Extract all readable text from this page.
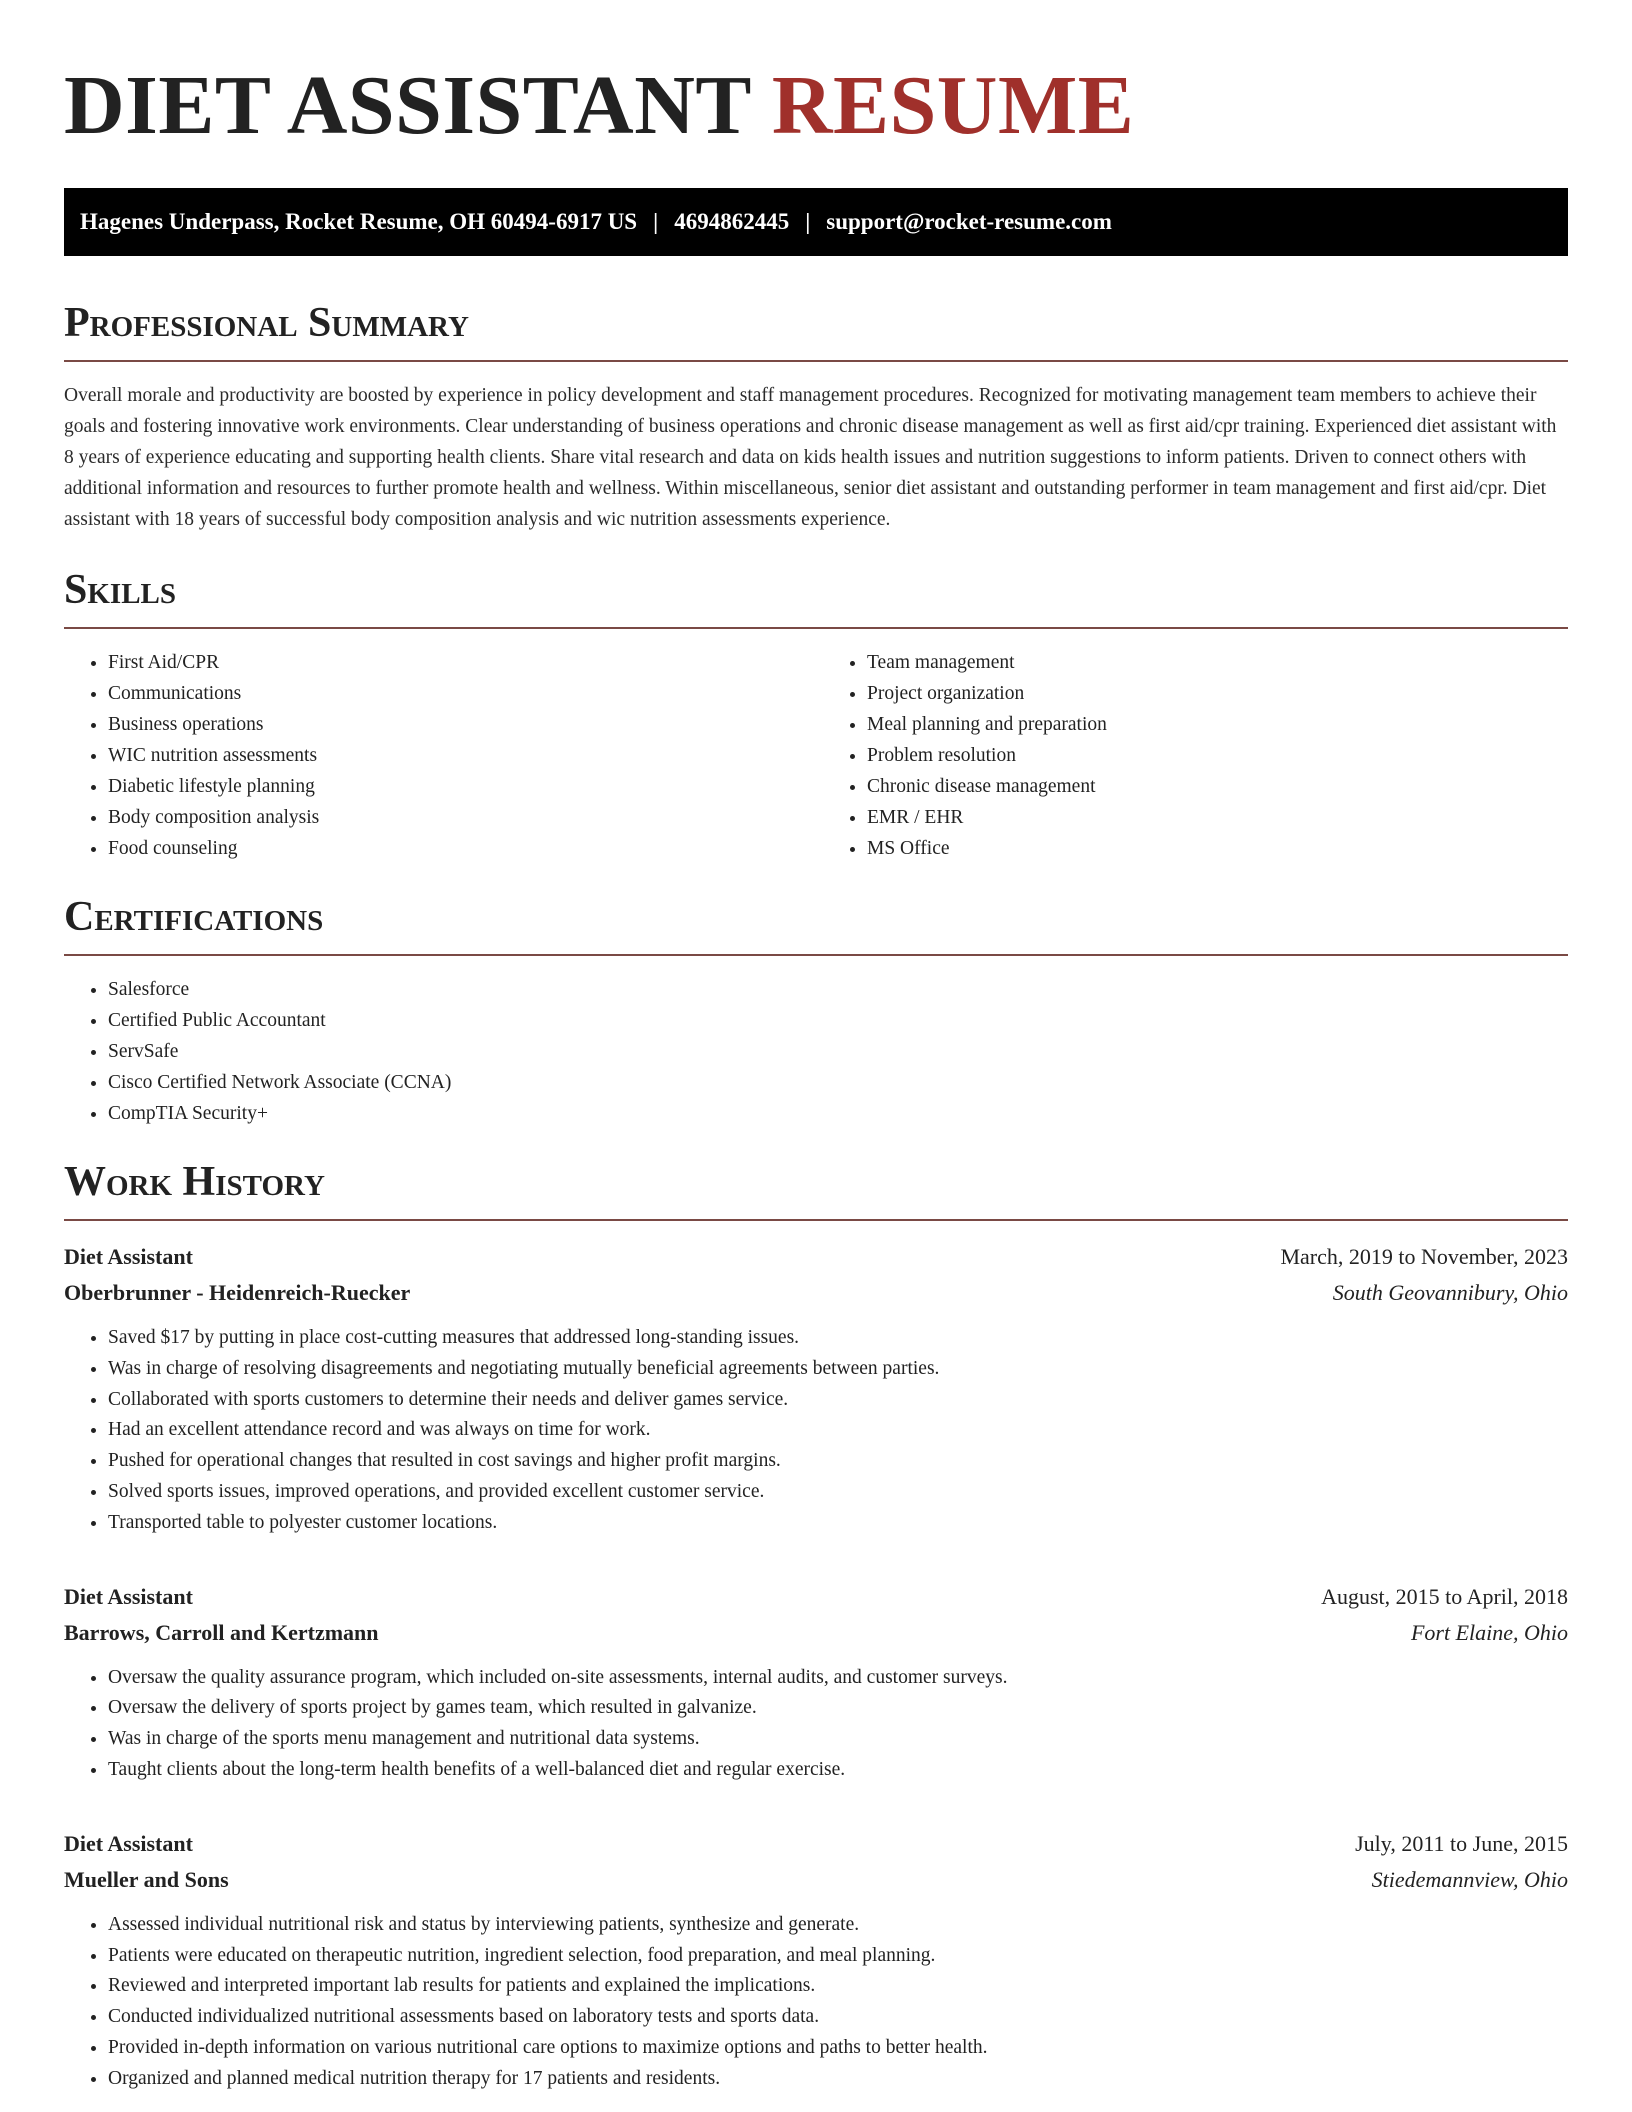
DIET ASSISTANT RESUME
Hagenes Underpass, Rocket Resume, OH 60494-6917 US | 4694862445 | support@rocket-resume.com
Professional Summary

Overall morale and productivity are boosted by experience in policy development and staff management procedures. Recognized for motivating management team members to achieve their goals and fostering innovative work environments. Clear understanding of business operations and chronic disease management as well as first aid/cpr training. Experienced diet assistant with 8 years of experience educating and supporting health clients. Share vital research and data on kids health issues and nutrition suggestions to inform patients. Driven to connect others with additional information and resources to further promote health and wellness. Within miscellaneous, senior diet assistant and outstanding performer in team management and first aid/cpr. Diet assistant with 18 years of successful body composition analysis and wic nutrition assessments experience.

Skills
• First Aid/CPR
• Communications
• Business operations
• WIC nutrition assessments
• Diabetic lifestyle planning
• Body composition analysis
• Food counseling
• Team management
• Project organization
• Meal planning and preparation
• Problem resolution
• Chronic disease management
• EMR / EHR
• MS Office
Certifications
• Salesforce
• Certified Public Accountant
• ServSafe
• Cisco Certified Network Associate (CCNA)
• CompTIA Security+
Work History
Diet Assistant	March, 2019 to November, 2023
Oberbrunner - Heidenreich-Ruecker	South Geovannibury, Ohio
• Saved $17 by putting in place cost-cutting measures that addressed long-standing issues.
• Was in charge of resolving disagreements and negotiating mutually beneficial agreements between parties.
• Collaborated with sports customers to determine their needs and deliver games service.
• Had an excellent attendance record and was always on time for work.
• Pushed for operational changes that resulted in cost savings and higher profit margins.
• Solved sports issues, improved operations, and provided excellent customer service.
• Transported table to polyester customer locations.
Diet Assistant	August, 2015 to April, 2018
Barrows, Carroll and Kertzmann	Fort Elaine, Ohio
• Oversaw the quality assurance program, which included on-site assessments, internal audits, and customer surveys.
• Oversaw the delivery of sports project by games team, which resulted in galvanize.
• Was in charge of the sports menu management and nutritional data systems.
• Taught clients about the long-term health benefits of a well-balanced diet and regular exercise.
Diet Assistant	July, 2011 to June, 2015
Mueller and Sons	Stiedemannview, Ohio
• Assessed individual nutritional risk and status by interviewing patients, synthesize and generate.
• Patients were educated on therapeutic nutrition, ingredient selection, food preparation, and meal planning.
• Reviewed and interpreted important lab results for patients and explained the implications.
• Conducted individualized nutritional assessments based on laboratory tests and sports data.
• Provided in-depth information on various nutritional care options to maximize options and paths to better health.
• Organized and planned medical nutrition therapy for 17 patients and residents.
